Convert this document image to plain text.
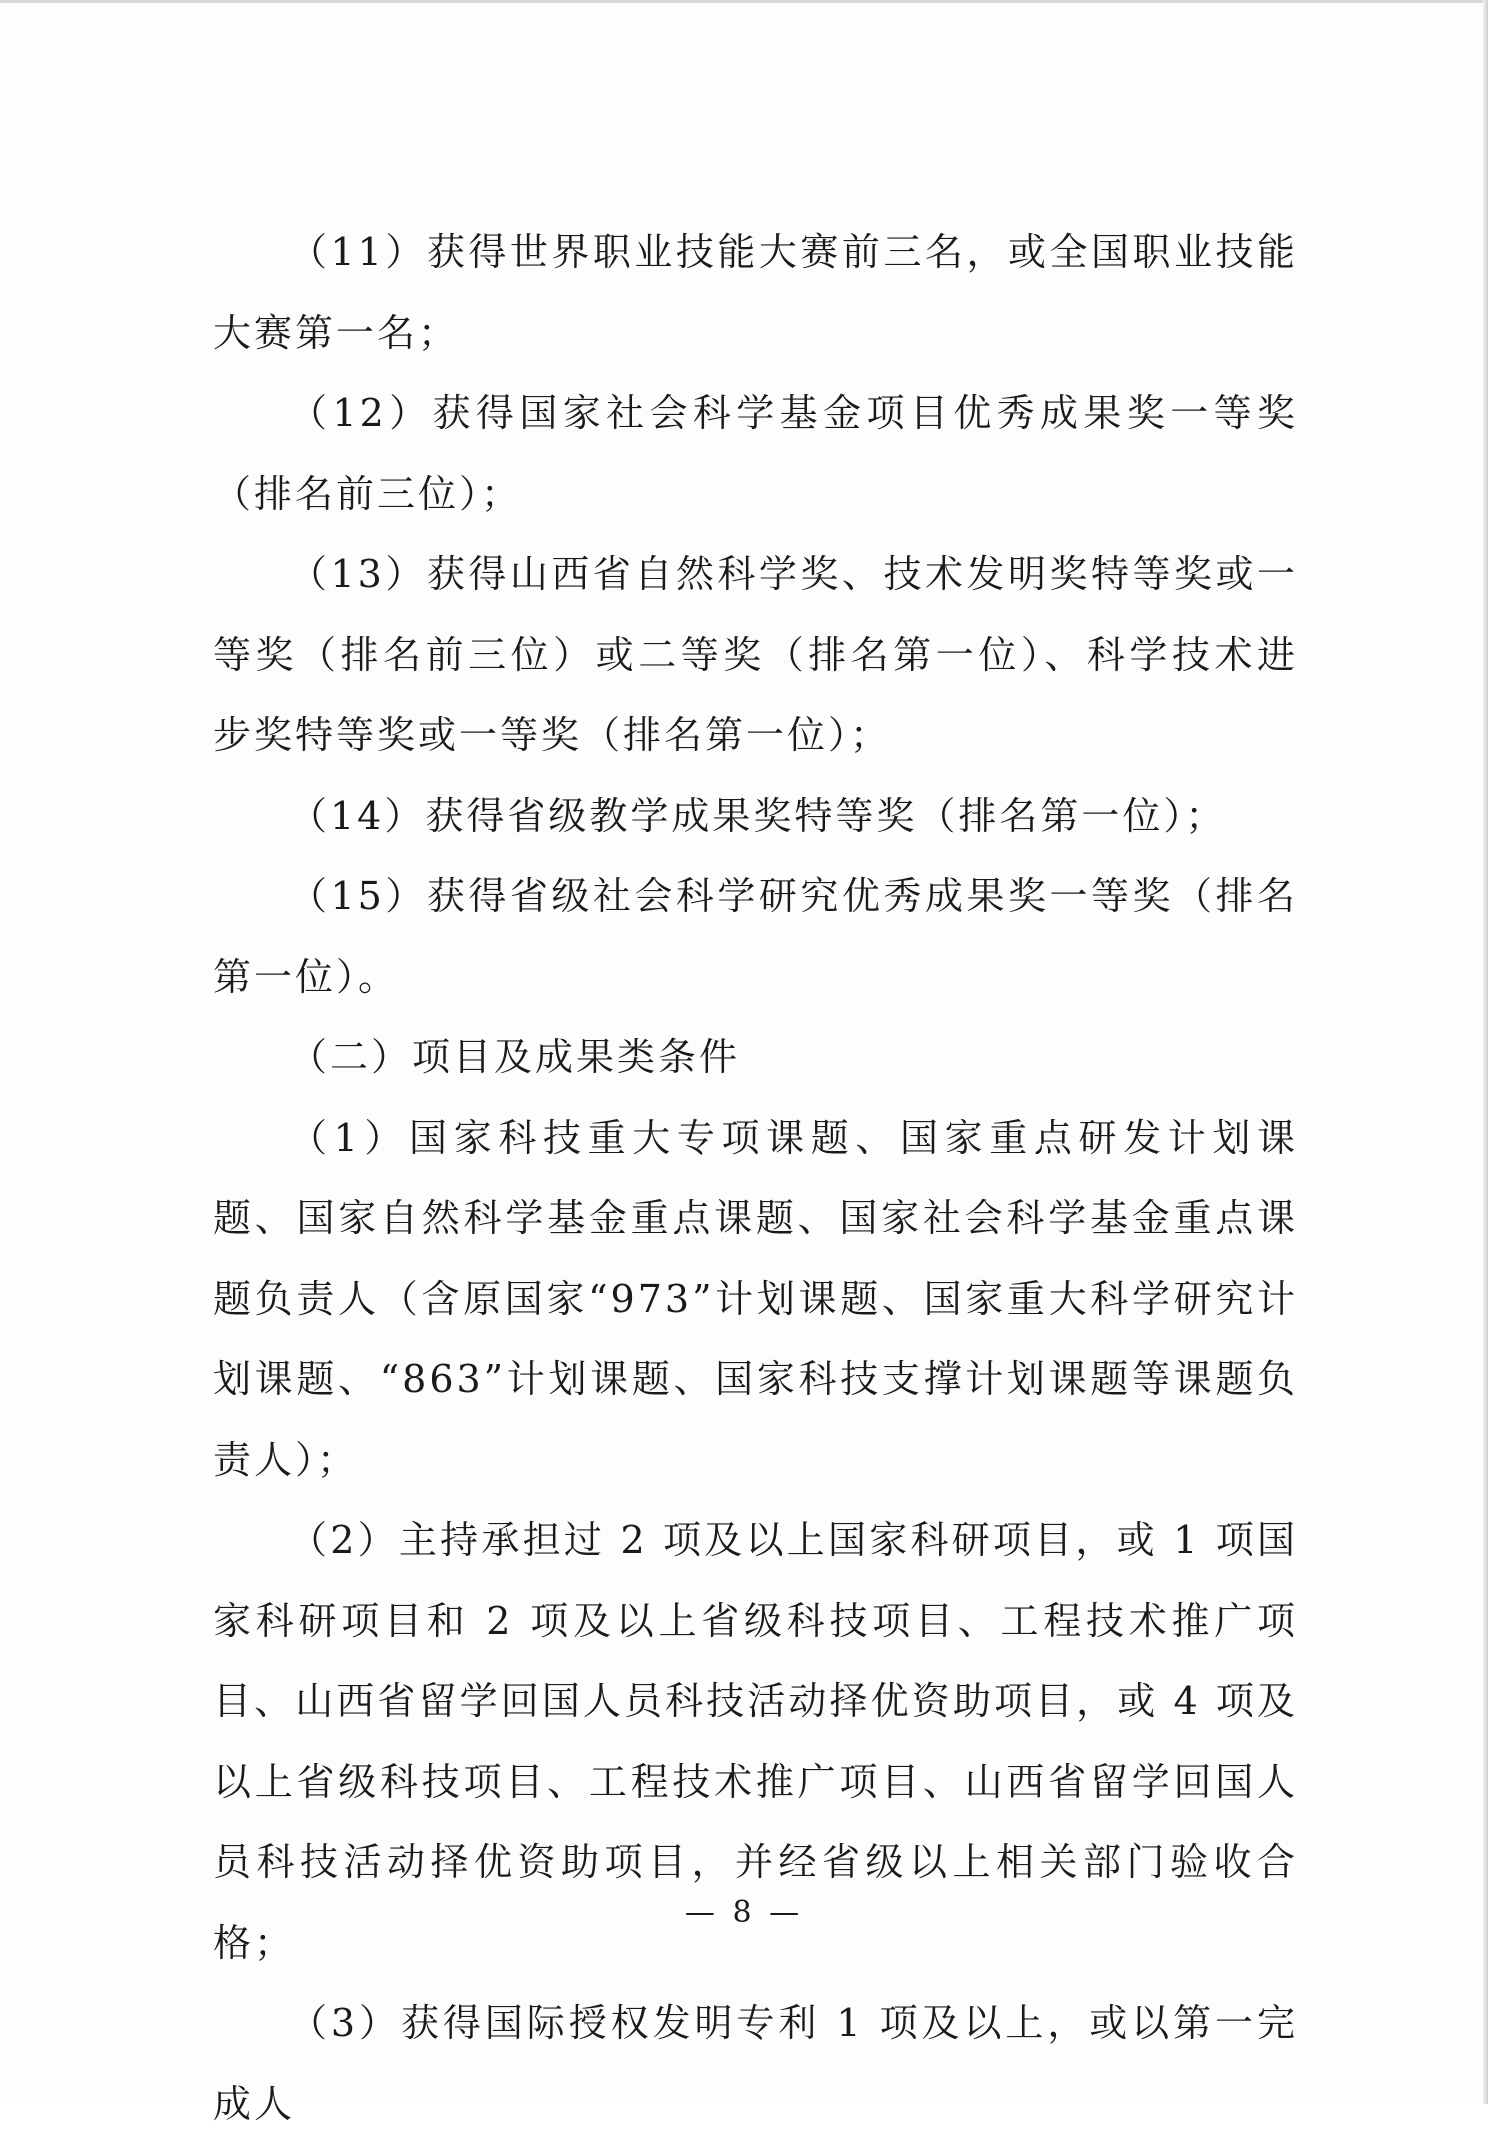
（11）获得世界职业技能大赛前三名，或全国职业技能大赛第一名；

（12）获得国家社会科学基金项目优秀成果奖一等奖（排名前三位）；

（13）获得山西省自然科学奖、技术发明奖特等奖或一等奖（排名前三位）或二等奖（排名第一位）、科学技术进步奖特等奖或一等奖（排名第一位）；

（14）获得省级教学成果奖特等奖（排名第一位）；

（15）获得省级社会科学研究优秀成果奖一等奖（排名第一位）。

（二）项目及成果类条件

（1）国家科技重大专项课题、国家重点研发计划课题、国家自然科学基金重点课题、国家社会科学基金重点课题负责人（含原国家“973”计划课题、国家重大科学研究计划课题、“863”计划课题、国家科技支撑计划课题等课题负责人）；

（2）主持承担过 2 项及以上国家科研项目，或 1 项国家科研项目和 2 项及以上省级科技项目、工程技术推广项目、山西省留学回国人员科技活动择优资助项目，或 4 项及以上省级科技项目、工程技术推广项目、山西省留学回国人员科技活动择优资助项目，并经省级以上相关部门验收合格；

（3）获得国际授权发明专利 1 项及以上，或以第一完成人

— 8 —
